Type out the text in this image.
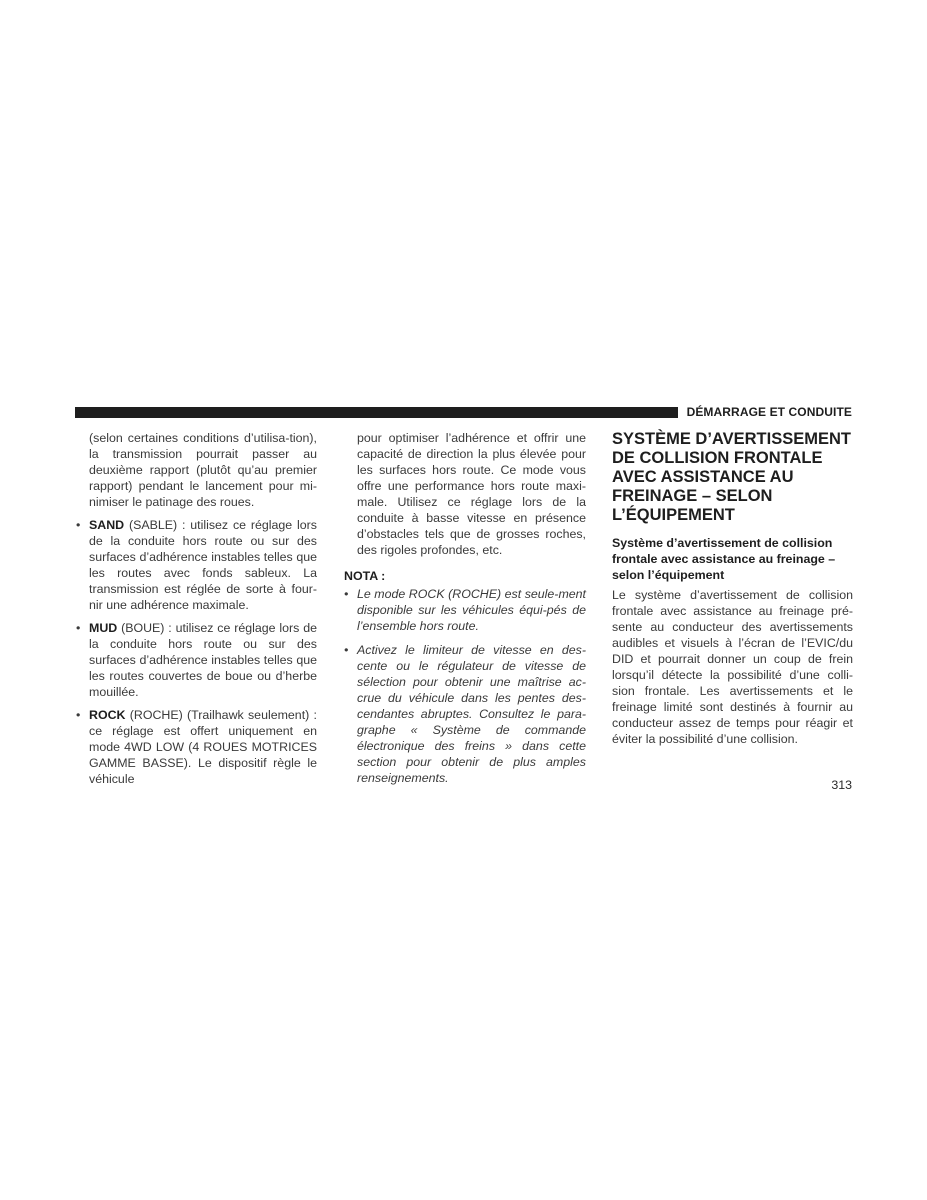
DÉMARRAGE ET CONDUITE

(selon certaines conditions d’utilisa-tion), la transmission pourrait passer au deuxième rapport (plutôt qu’au premier rapport) pendant le lancement pour mi-nimiser le patinage des roues.

• SAND (SABLE) : utilisez ce réglage lors de la conduite hors route ou sur des surfaces d’adhérence instables telles que les routes avec fonds sableux. La transmission est réglée de sorte à four-nir une adhérence maximale.
• MUD (BOUE) : utilisez ce réglage lors de la conduite hors route ou sur des surfaces d’adhérence instables telles que les routes couvertes de boue ou d’herbe mouillée.
• ROCK (ROCHE) (Trailhawk seulement) : ce réglage est offert uniquement en mode 4WD LOW (4 ROUES MOTRICES GAMME BASSE). Le dispositif règle le véhicule

pour optimiser l’adhérence et offrir une capacité de direction la plus élevée pour les surfaces hors route. Ce mode vous offre une performance hors route maxi-male. Utilisez ce réglage lors de la conduite à basse vitesse en présence d’obstacles tels que de grosses roches, des rigoles profondes, etc.

NOTA :
• Le mode ROCK (ROCHE) est seule-ment disponible sur les véhicules équi-pés de l’ensemble hors route.
• Activez le limiteur de vitesse en des-cente ou le régulateur de vitesse de sélection pour obtenir une maîtrise ac-crue du véhicule dans les pentes des-cendantes abruptes. Consultez le para-graphe « Système de commande électronique des freins » dans cette section pour obtenir de plus amples renseignements.
SYSTÈME D’AVERTISSEMENT DE COLLISION FRONTALE AVEC ASSISTANCE AU FREINAGE – SELON L’ÉQUIPEMENT
Système d’avertissement de collision frontale avec assistance au freinage – selon l’équipement

Le système d’avertissement de collision frontale avec assistance au freinage pré-sente au conducteur des avertissements audibles et visuels à l’écran de l’EVIC/du DID et pourrait donner un coup de frein lorsqu’il détecte la possibilité d’une colli-sion frontale. Les avertissements et le freinage limité sont destinés à fournir au conducteur assez de temps pour réagir et éviter la possibilité d’une collision.

313
